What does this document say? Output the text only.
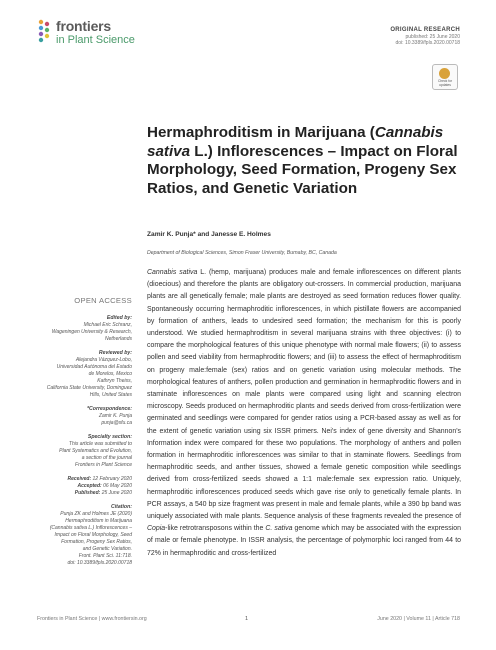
frontiers
in Plant Science
ORIGINAL RESEARCH
published: 25 June 2020
doi: 10.3389/fpls.2020.00718
Check for updates
Hermaphroditism in Marijuana (Cannabis sativa L.) Inflorescences – Impact on Floral Morphology, Seed Formation, Progeny Sex Ratios, and Genetic Variation
Zamir K. Punja* and Janesse E. Holmes
Department of Biological Sciences, Simon Fraser University, Burnaby, BC, Canada
Cannabis sativa L. (hemp, marijuana) produces male and female inflorescences on different plants (dioecious) and therefore the plants are obligatory out-crossers. In commercial production, marijuana plants are all genetically female; male plants are destroyed as seed formation reduces flower quality. Spontaneously occurring hermaphroditic inflorescences, in which pistillate flowers are accompanied by formation of anthers, leads to undesired seed formation; the mechanism for this is poorly understood. We studied hermaphroditism in several marijuana strains with three objectives: (i) to compare the morphological features of this unique phenotype with normal male flowers; (ii) to assess pollen and seed viability from hermaphroditic flowers; and (iii) to assess the effect of hermaphroditism on progeny male:female (sex) ratios and on genetic variation using molecular methods. The morphological features of anthers, pollen production and germination in hermaphroditic flowers and in staminate inflorescences on male plants were compared using light and scanning electron microscopy. Seeds produced on hermaphroditic plants and seeds derived from cross-fertilization were germinated and seedlings were compared for gender ratios using a PCR-based assay as well as for the extent of genetic variation using six ISSR primers. Nei's index of gene diversity and Shannon's Information index were compared for these two populations. The morphology of anthers and pollen formation in hermaphroditic inflorescences was similar to that in staminate flowers. Seedlings from hermaphroditic seeds, and anther tissues, showed a female genetic composition while seedlings derived from cross-fertilized seeds showed a 1:1 male:female sex expression ratio. Uniquely, hermaphroditic inflorescences produced seeds which gave rise only to genetically female plants. In PCR assays, a 540 bp size fragment was present in male and female plants, while a 390 bp band was uniquely associated with male plants. Sequence analysis of these fragments revealed the presence of Copia-like retrotransposons within the C. sativa genome which may be associated with the expression of male or female phenotype. In ISSR analysis, the percentage of polymorphic loci ranged from 44 to 72% in hermaphroditic and cross-fertilized
OPEN ACCESS
Edited by:
Michael Eric Schranz,
Wageningen University & Research,
Netherlands
Reviewed by:
Alejandra Vázquez-Lobo,
Universidad Autónoma del Estado
de Morelos, Mexico
Kathryn Theiss,
California State University, Dominguez
Hills, United States
*Correspondence:
Zamir K. Punja
punja@sfu.ca
Specialty section:
This article was submitted to
Plant Systematics and Evolution,
a section of the journal
Frontiers in Plant Science
Received: 12 February 2020
Accepted: 06 May 2020
Published: 25 June 2020
Citation:
Punja ZK and Holmes JE (2020)
Hermaphroditism in Marijuana
(Cannabis sativa L.) Inflorescences –
Impact on Floral Morphology, Seed
Formation, Progeny Sex Ratios,
and Genetic Variation.
Front. Plant Sci. 11:718.
doi: 10.3389/fpls.2020.00718
Frontiers in Plant Science | www.frontiersin.org	1	June 2020 | Volume 11 | Article 718
